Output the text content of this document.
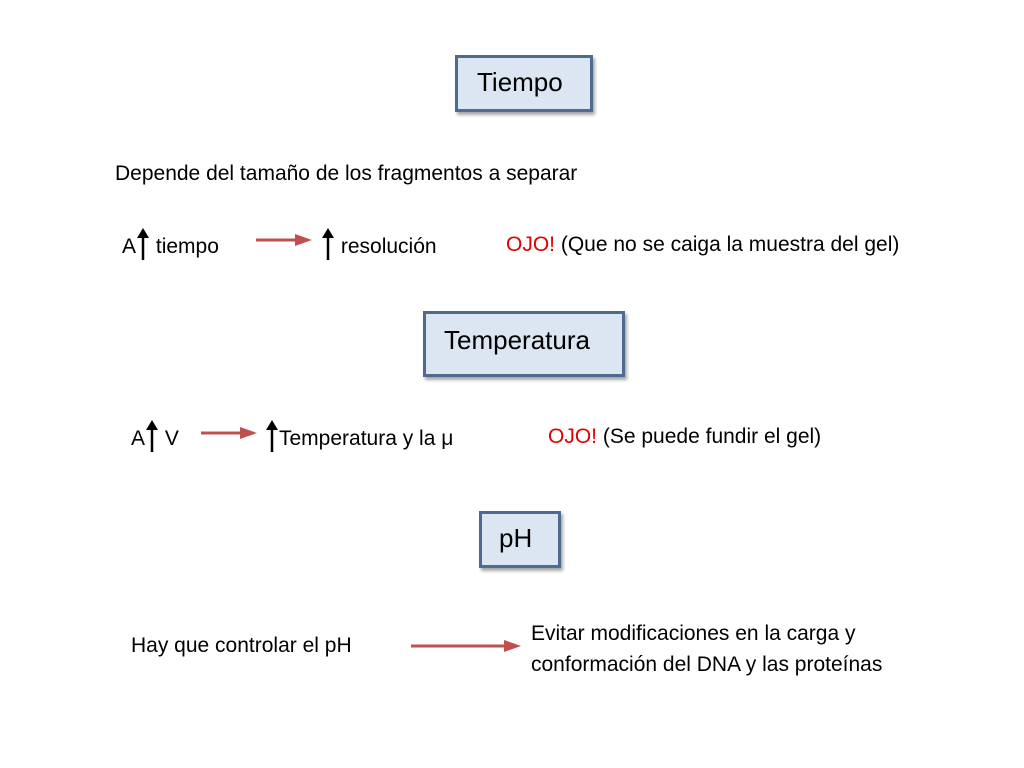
Tiempo
Depende del tamaño de los fragmentos a separar
A tiempo	resolución	OJO! (Que no se caiga la muestra del gel)
Temperatura
A V	Temperatura y la μ	OJO! (Se puede fundir el gel)
pH
Hay que controlar el pH
Evitar modificaciones en la carga y
conformación del DNA y las proteínas
